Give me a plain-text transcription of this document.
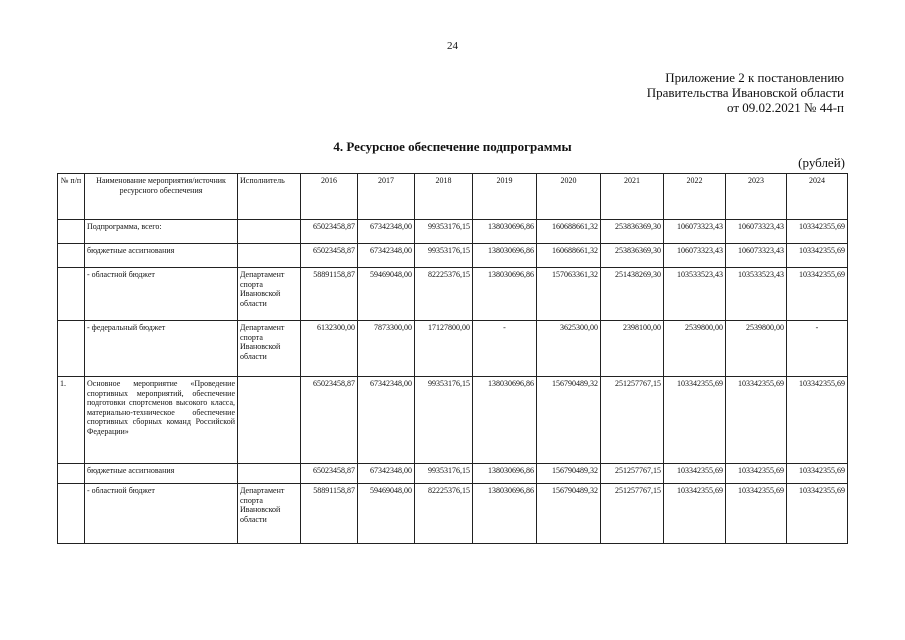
24
Приложение 2 к постановлению
Правительства Ивановской области
от 09.02.2021 № 44-п
4. Ресурсное обеспечение подпрограммы
(рублей)
№ п/п	Наименование мероприятия/источник ресурсного обеспечения	Исполнитель	2016	2017	2018	2019	2020	2021	2022	2023	2024
	Подпрограмма, всего:		65023458,87	67342348,00	99353176,15	138030696,86	160688661,32	253836369,30	106073323,43	106073323,43	103342355,69
	бюджетные ассигнования		65023458,87	67342348,00	99353176,15	138030696,86	160688661,32	253836369,30	106073323,43	106073323,43	103342355,69
	- областной бюджет	Департамент спорта Ивановской области	58891158,87	59469048,00	82225376,15	138030696,86	157063361,32	251438269,30	103533523,43	103533523,43	103342355,69
	- федеральный бюджет	Департамент спорта Ивановской области	6132300,00	7873300,00	17127800,00	-	3625300,00	2398100,00	2539800,00	2539800,00	-
1.	Основное мероприятие «Проведение спортивных мероприятий, обеспечение подготовки спортсменов высокого класса, материально-техническое обеспечение спортивных сборных команд Российской Федерации»		65023458,87	67342348,00	99353176,15	138030696,86	156790489,32	251257767,15	103342355,69	103342355,69	103342355,69
	бюджетные ассигнования		65023458,87	67342348,00	99353176,15	138030696,86	156790489,32	251257767,15	103342355,69	103342355,69	103342355,69
	- областной бюджет	Департамент спорта Ивановской области	58891158,87	59469048,00	82225376,15	138030696,86	156790489,32	251257767,15	103342355,69	103342355,69	103342355,69
